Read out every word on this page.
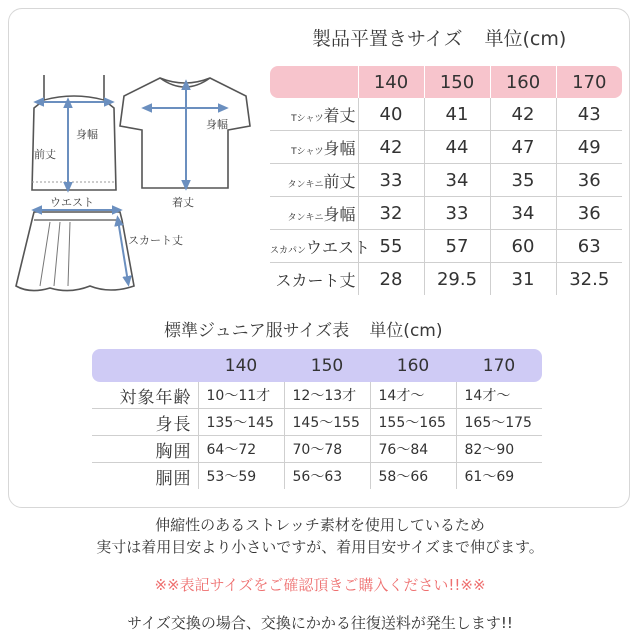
製品平置きサイズ 単位(cm)
身幅
前丈
身幅
着丈
ウエスト
スカート丈
	140	150	160	170
Tシャツ着丈	40	41	42	43
Tシャツ身幅	42	44	47	49
タンキニ前丈	33	34	35	36
タンキニ身幅	32	33	34	36
スカパンウエスト	55	57	60	63
スカート丈	28	29.5	31	32.5
標準ジュニア服サイズ表 単位(cm)
	140	150	160	170
対象年齢	10〜11才	12〜13才	14才〜	14才〜
身長	135〜145	145〜155	155〜165	165〜175
胸囲	64〜72	70〜78	76〜84	82〜90
胴囲	53〜59	56〜63	58〜66	61〜69
伸縮性のあるストレッチ素材を使用しているため
実寸は着用目安より小さいですが、着用目安サイズまで伸びます。
※※表記サイズをご確認頂きご購入ください!!※※
サイズ交換の場合、交換にかかる往復送料が発生します!!
